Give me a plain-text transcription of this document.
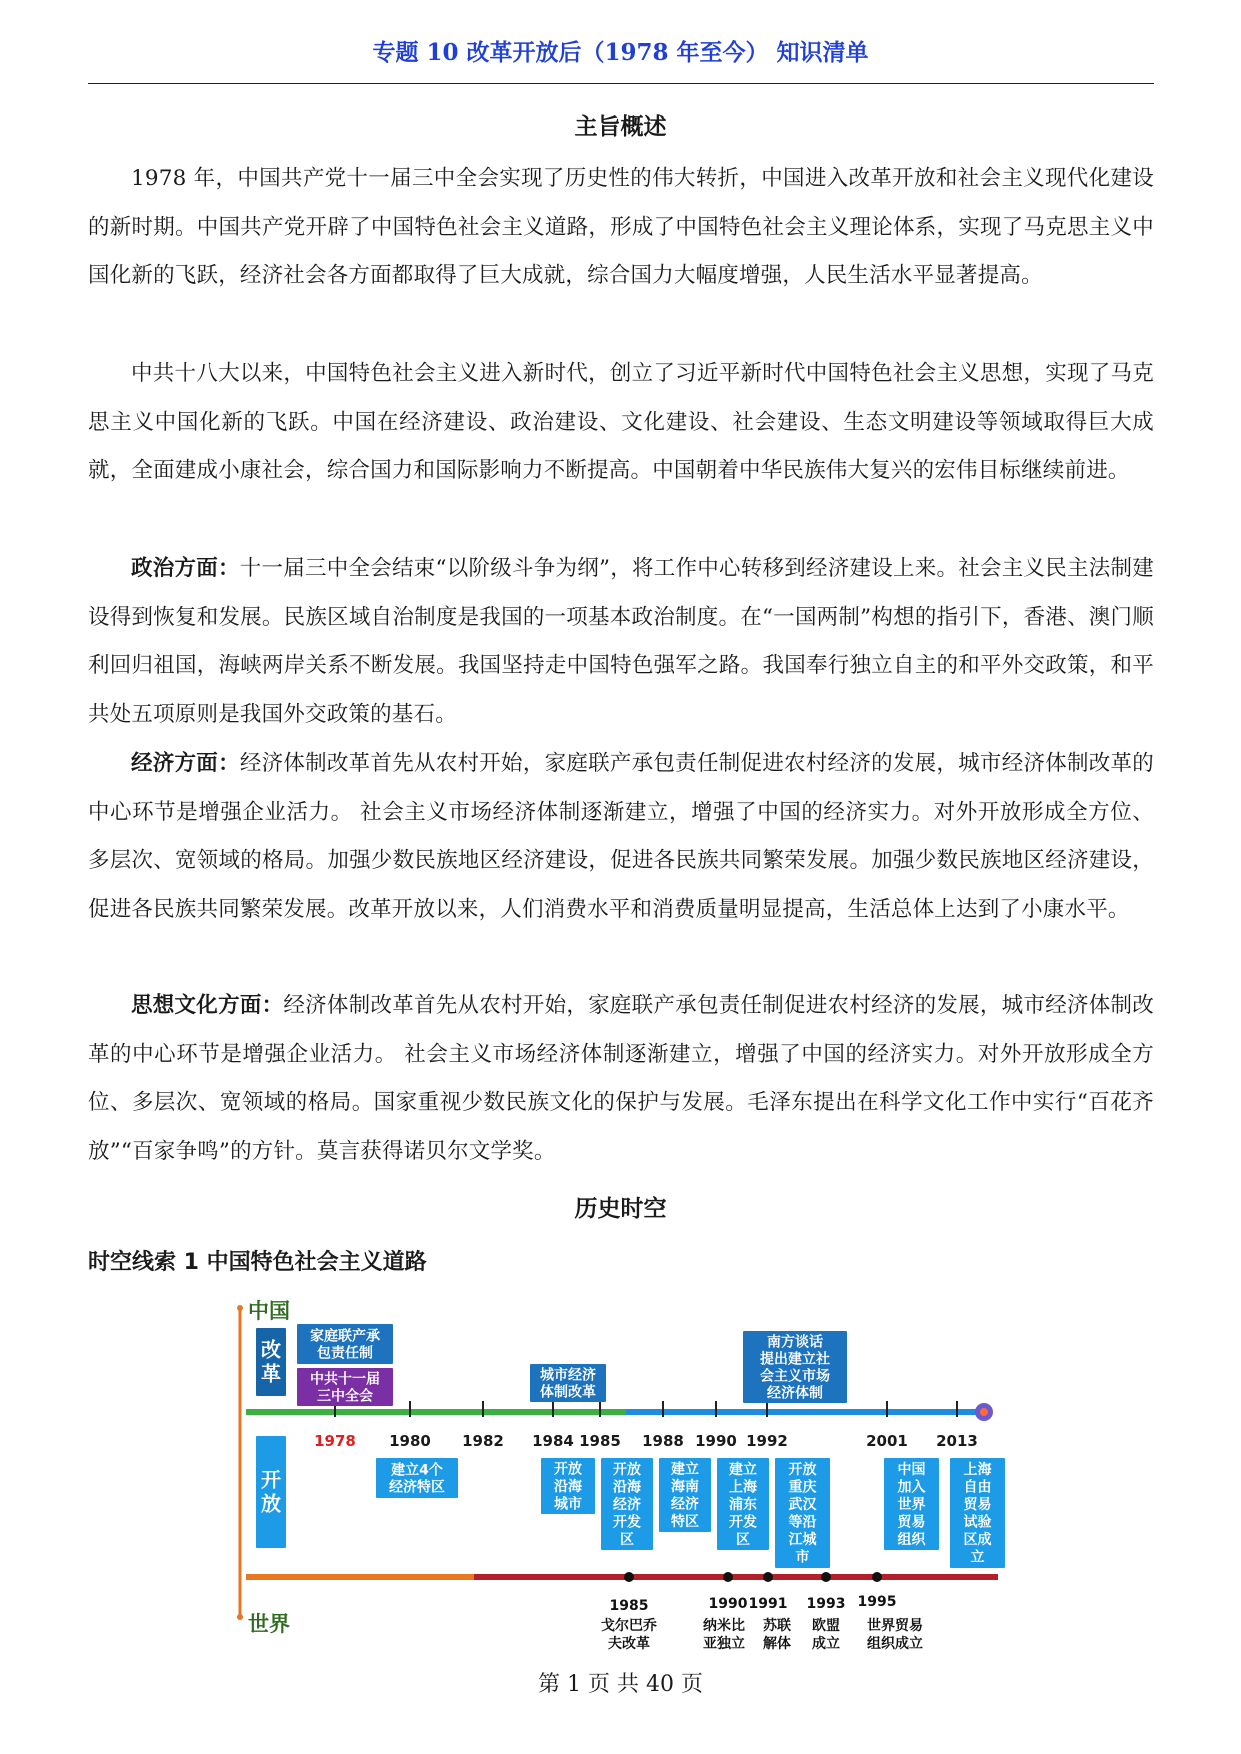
专题 10 改革开放后（1978 年至今） 知识清单
主旨概述

1978 年，中国共产党十一届三中全会实现了历史性的伟大转折，中国进入改革开放和社会主义现代化建设的新时期。中国共产党开辟了中国特色社会主义道路，形成了中国特色社会主义理论体系，实现了马克思主义中国化新的飞跃，经济社会各方面都取得了巨大成就，综合国力大幅度增强，人民生活水平显著提高。

中共十八大以来，中国特色社会主义进入新时代，创立了习近平新时代中国特色社会主义思想，实现了马克思主义中国化新的飞跃。中国在经济建设、政治建设、文化建设、社会建设、生态文明建设等领域取得巨大成就，全面建成小康社会，综合国力和国际影响力不断提高。中国朝着中华民族伟大复兴的宏伟目标继续前进。

政治方面：十一届三中全会结束“以阶级斗争为纲”，将工作中心转移到经济建设上来。社会主义民主法制建设得到恢复和发展。民族区域自治制度是我国的一项基本政治制度。在“一国两制”构想的指引下，香港、澳门顺利回归祖国，海峡两岸关系不断发展。我国坚持走中国特色强军之路。我国奉行独立自主的和平外交政策，和平共处五项原则是我国外交政策的基石。

经济方面：经济体制改革首先从农村开始，家庭联产承包责任制促进农村经济的发展，城市经济体制改革的中心环节是增强企业活力。 社会主义市场经济体制逐渐建立，增强了中国的经济实力。对外开放形成全方位、多层次、宽领域的格局。加强少数民族地区经济建设，促进各民族共同繁荣发展。加强少数民族地区经济建设，促进各民族共同繁荣发展。改革开放以来，人们消费水平和消费质量明显提高，生活总体上达到了小康水平。

思想文化方面：经济体制改革首先从农村开始，家庭联产承包责任制促进农村经济的发展，城市经济体制改革的中心环节是增强企业活力。 社会主义市场经济体制逐渐建立，增强了中国的经济实力。对外开放形成全方位、多层次、宽领域的格局。国家重视少数民族文化的保护与发展。毛泽东提出在科学文化工作中实行“百花齐放”“百家争鸣”的方针。莫言获得诺贝尔文学奖。

历史时空
时空线索 1 中国特色社会主义道路
中国
世界
改
革
开
放
1978 1980 1982 1984 1985 1988 1990 1992	2001 2013
家庭联产承
包责任制
中共十一届
三中全会
城市经济
体制改革
南方谈话
提出建立社
会主义市场
经济体制
建立4个
经济特区
开放
沿海
城市
开放
沿海
经济
开发
区
建立
海南
经济
特区
建立
上海
浦东
开发
区
开放
重庆
武汉
等沿
江城
市
中国
加入
世界
贸易
组织
上海
自由
贸易
试验
区成
立
1985
戈尔巴乔
夫改革
1990
纳米比
亚独立
1991
苏联
解体
1993
欧盟
成立
1995
世界贸易
组织成立
第 1 页 共 40 页
